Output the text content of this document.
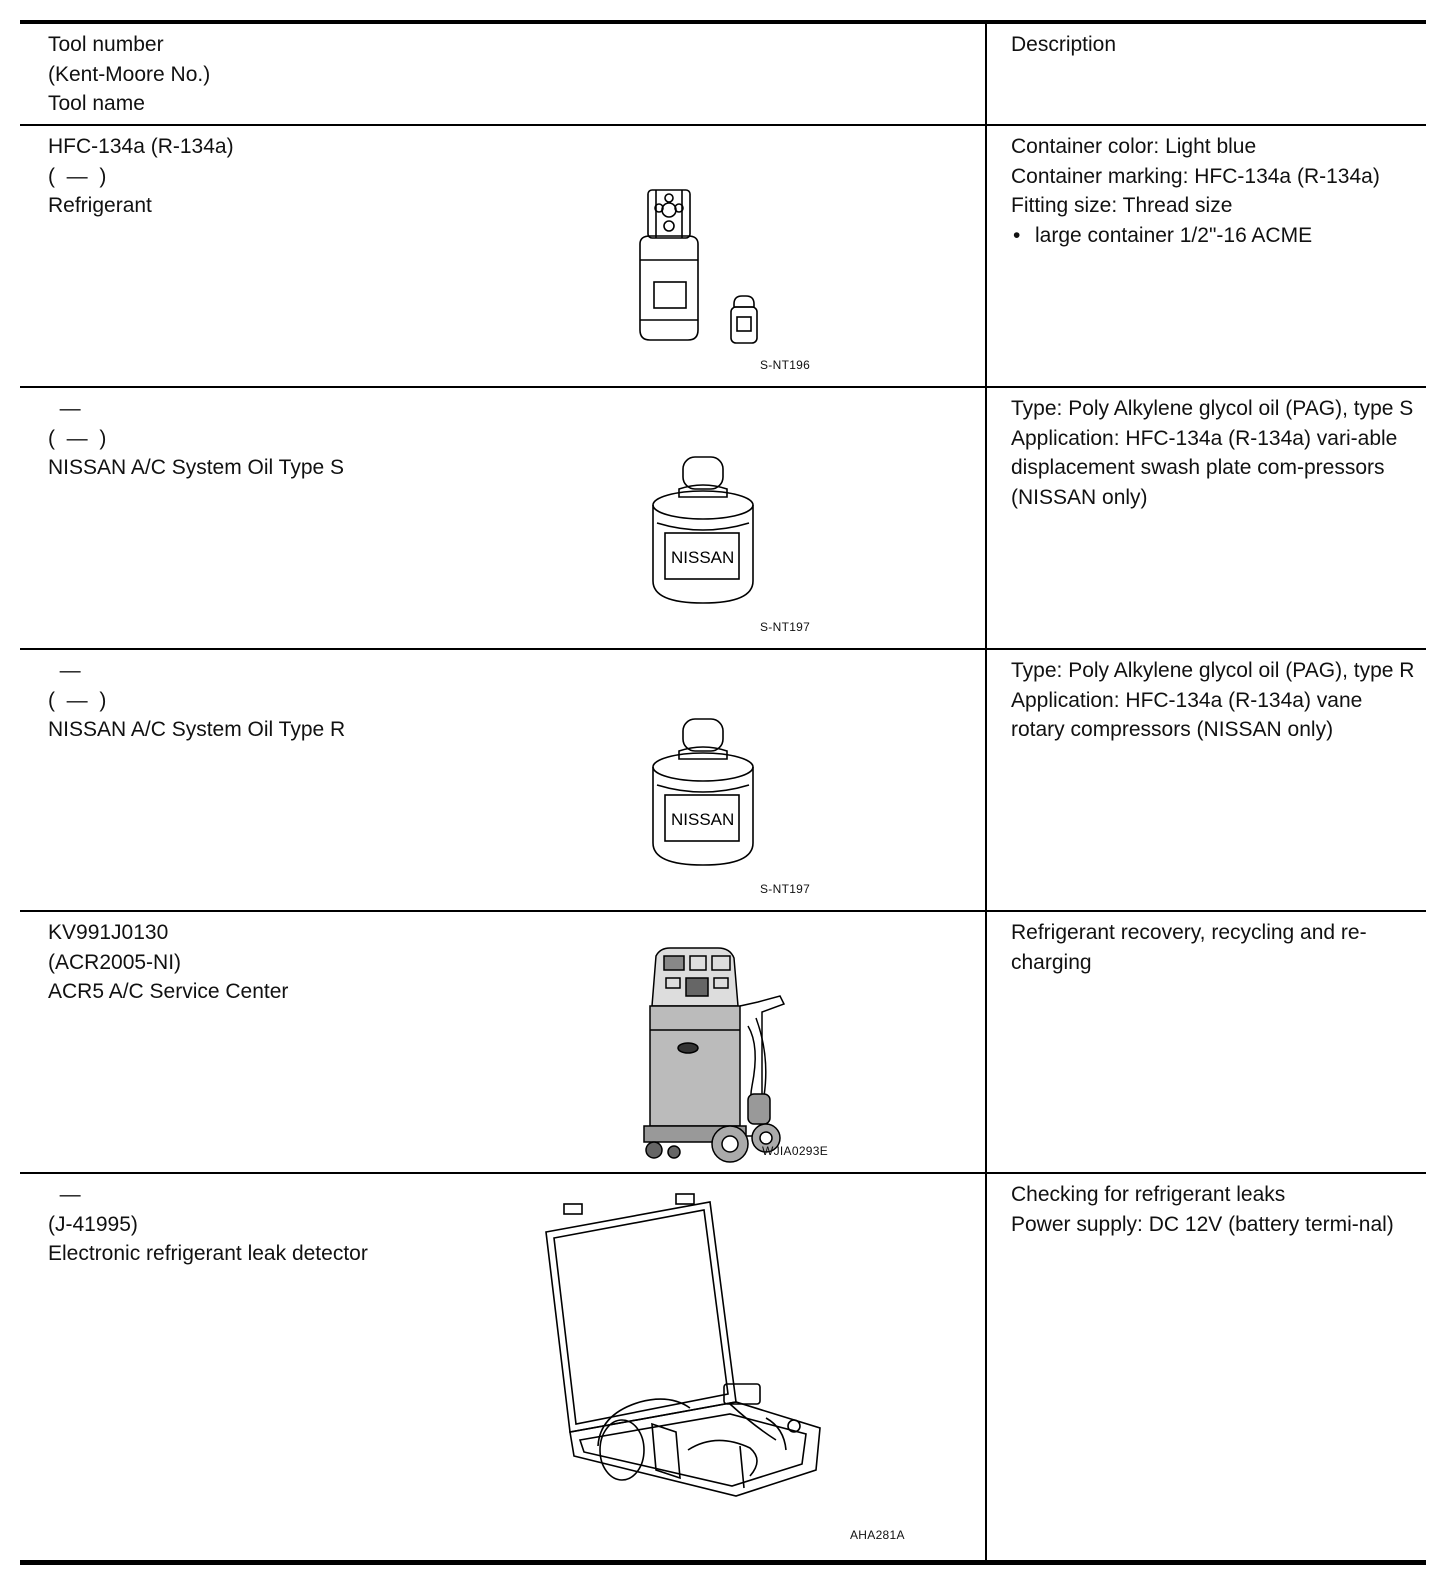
Tool number
(Kent-Moore No.)
Tool name
Description
HFC-134a (R-134a)
(  —  )
Refrigerant
Container color: Light blue
Container marking: HFC-134a (R-134a)
Fitting size: Thread size
• large container 1/2"-16 ACME
S-NT196
—
(  —  )
NISSAN A/C System Oil Type S
Type: Poly Alkylene glycol oil (PAG), type S
Application: HFC-134a (R-134a) vari-able displacement swash plate com-pressors (NISSAN only)
NISSAN
S-NT197
—
(  —  )
NISSAN A/C System Oil Type R
Type: Poly Alkylene glycol oil (PAG), type R
Application: HFC-134a (R-134a) vane rotary compressors (NISSAN only)
NISSAN
S-NT197
KV991J0130
(ACR2005-NI)
ACR5 A/C Service Center
Refrigerant recovery, recycling and re-charging
WJIA0293E
—
(J-41995)
Electronic refrigerant leak detector
Checking for refrigerant leaks
Power supply: DC 12V (battery termi-nal)
AHA281A
